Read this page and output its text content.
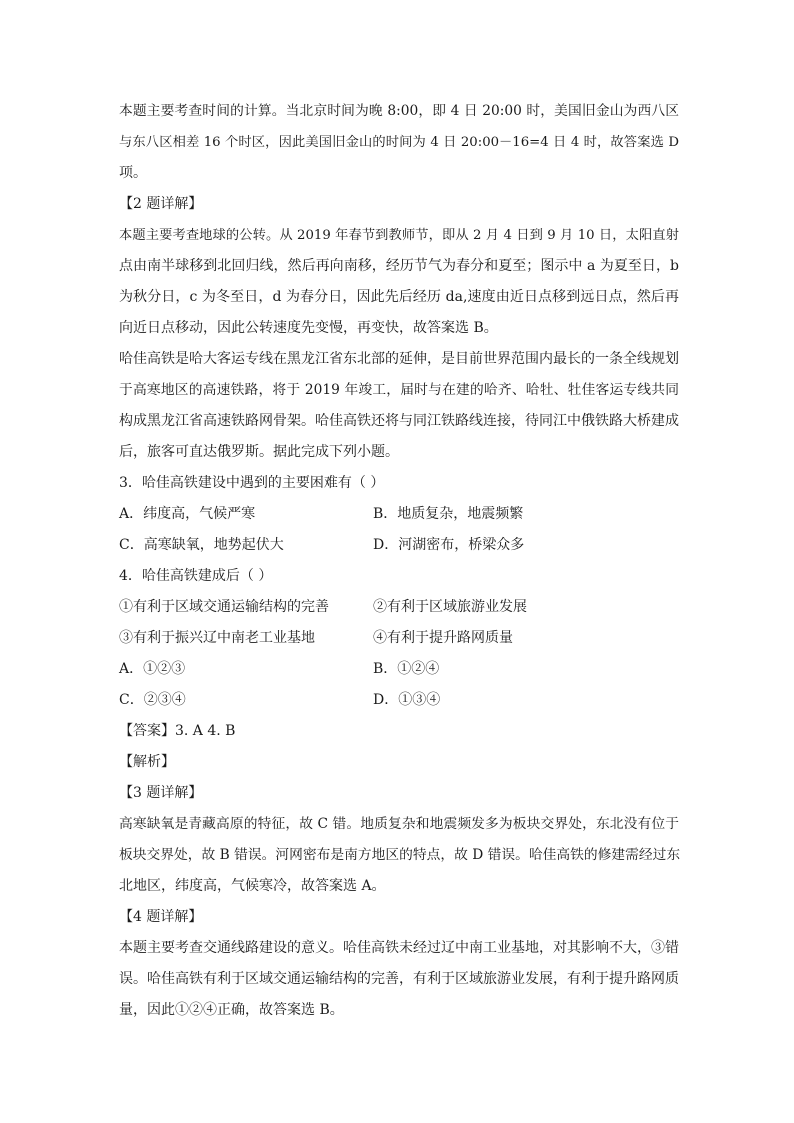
本题主要考查时间的计算。当北京时间为晚 8:00，即 4 日 20:00 时，美国旧金山为西八区
与东八区相差 16 个时区，因此美国旧金山的时间为 4 日 20:00－16=4 日 4 时，故答案选 D
项。
【2 题详解】
本题主要考查地球的公转。从 2019 年春节到教师节，即从 2 月 4 日到 9 月 10 日，太阳直射
点由南半球移到北回归线，然后再向南移，经历节气为春分和夏至；图示中 a 为夏至日，b
为秋分日，c 为冬至日，d 为春分日，因此先后经历 da,速度由近日点移到远日点，然后再
向近日点移动，因此公转速度先变慢，再变快，故答案选 B。
哈佳高铁是哈大客运专线在黑龙江省东北部的延伸，是目前世界范围内最长的一条全线规划
于高寒地区的高速铁路，将于 2019 年竣工，届时与在建的哈齐、哈牡、牡佳客运专线共同
构成黑龙江省高速铁路网骨架。哈佳高铁还将与同江铁路线连接，待同江中俄铁路大桥建成
后，旅客可直达俄罗斯。据此完成下列小题。
3．哈佳高铁建设中遇到的主要困难有（ ）
A．纬度高，气候严寒	B．地质复杂，地震频繁
C．高寒缺氧，地势起伏大	D．河湖密布，桥梁众多
4．哈佳高铁建成后（ ）
①有利于区域交通运输结构的完善	②有利于区域旅游业发展
③有利于振兴辽中南老工业基地	④有利于提升路网质量
A．①②③	B．①②④
C．②③④	D．①③④
【答案】3. A 4. B
【解析】
【3 题详解】
高寒缺氧是青藏高原的特征，故 C 错。地质复杂和地震频发多为板块交界处，东北没有位于
板块交界处，故 B 错误。河网密布是南方地区的特点，故 D 错误。哈佳高铁的修建需经过东
北地区，纬度高，气候寒冷，故答案选 A。
【4 题详解】
本题主要考查交通线路建设的意义。哈佳高铁未经过辽中南工业基地，对其影响不大，③错
误。哈佳高铁有利于区域交通运输结构的完善，有利于区域旅游业发展，有利于提升路网质
量，因此①②④正确，故答案选 B。
